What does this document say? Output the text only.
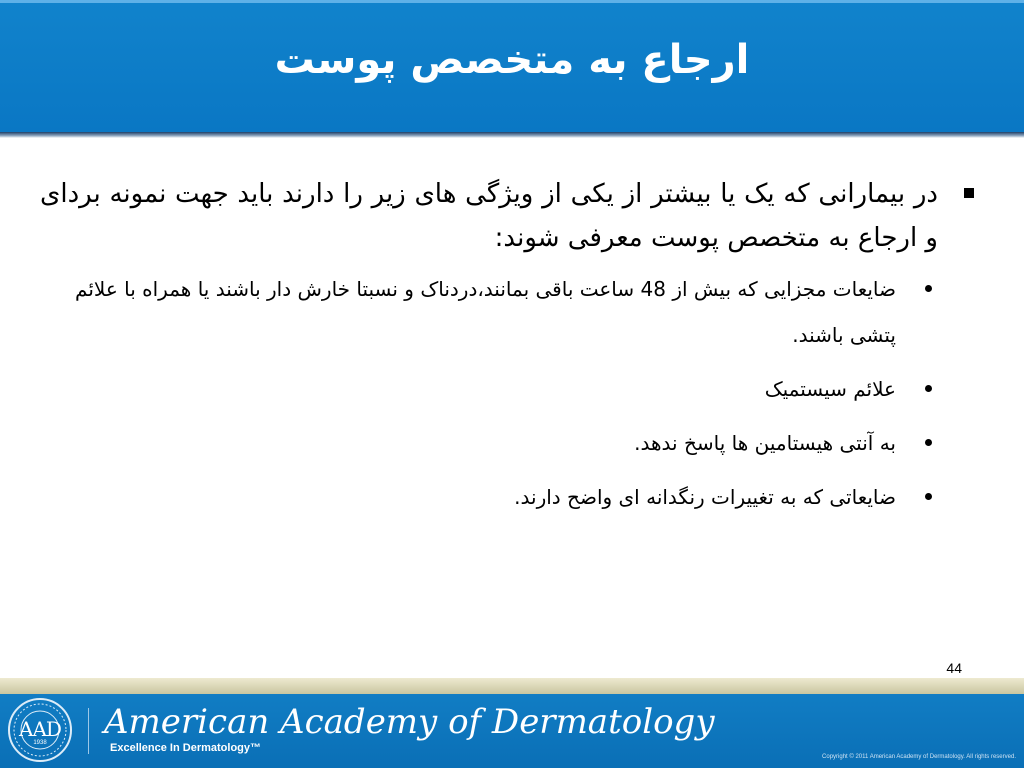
ارجاع به متخصص پوست
در بیمارانی که یک یا بیشتر از یکی از ویژگی های زیر را دارند باید جهت نمونه بردای و ارجاع به متخصص پوست معرفی شوند:
ضایعات مجزایی که بیش از 48 ساعت باقی بمانند،دردناک و نسبتا خارش دار باشند یا همراه با علائم پتشی باشند.
علائم سیستمیک
به آنتی هیستامین ها پاسخ ندهد.
ضایعاتی که به تغییرات رنگدانه ای واضح دارند.
44
AAD
1938
American Academy of Dermatology
Excellence In Dermatology™
Copyright © 2011 American Academy of Dermatology. All rights reserved.
